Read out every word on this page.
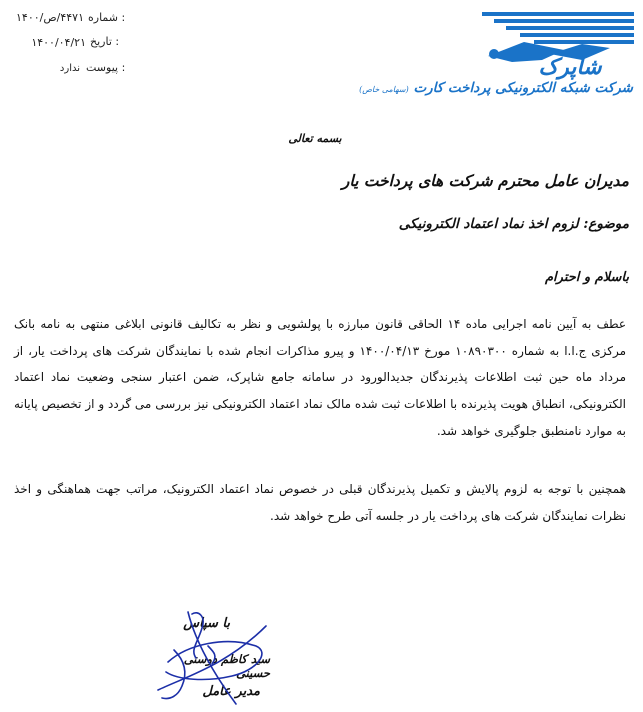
شماره :
۴۴۷۱/ص/۱۴۰۰
تاریخ :
۱۴۰۰/۰۴/۲۱
پیوست :
ندارد	شاپرک
شرکت شبکه الکترونیکی پرداخت کارت (سهامی خاص)
بسمه تعالی
مدیران عامل محترم شرکت های پرداخت یار
موضوع: لزوم اخذ نماد اعتماد الکترونیکی
باسلام و احترام
عطف به آیین نامه اجرایی ماده ۱۴ الحاقی قانون مبارزه با پولشویی و نظر به تکالیف قانونی ابلاغی منتهی به نامه بانک مرکزی ج.ا.ا به شماره ۱۰۸۹۰۳۰۰ مورخ ۱۴۰۰/۰۴/۱۳ و پیرو مذاکرات انجام شده با نمایندگان شرکت های پرداخت یار، از مرداد ماه حین ثبت اطلاعات پذیرندگان جدیدالورود در سامانه جامع شاپرک، ضمن اعتبار سنجی وضعیت نماد اعتماد الکترونیکی، انطباق هویت پذیرنده با اطلاعات ثبت شده مالک نماد اعتماد الکترونیکی نیز بررسی می گردد و از تخصیص پایانه به موارد نامنطبق جلوگیری خواهد شد.
همچنین با توجه به لزوم پالایش و تکمیل پذیرندگان قبلی در خصوص نماد اعتماد الکترونیک، مراتب جهت هماهنگی و اخذ نظرات نمایندگان شرکت های پرداخت یار در جلسه آتی طرح خواهد شد.
با سپاس
سید کاظم دوستی حسینی
مدیر عامل
